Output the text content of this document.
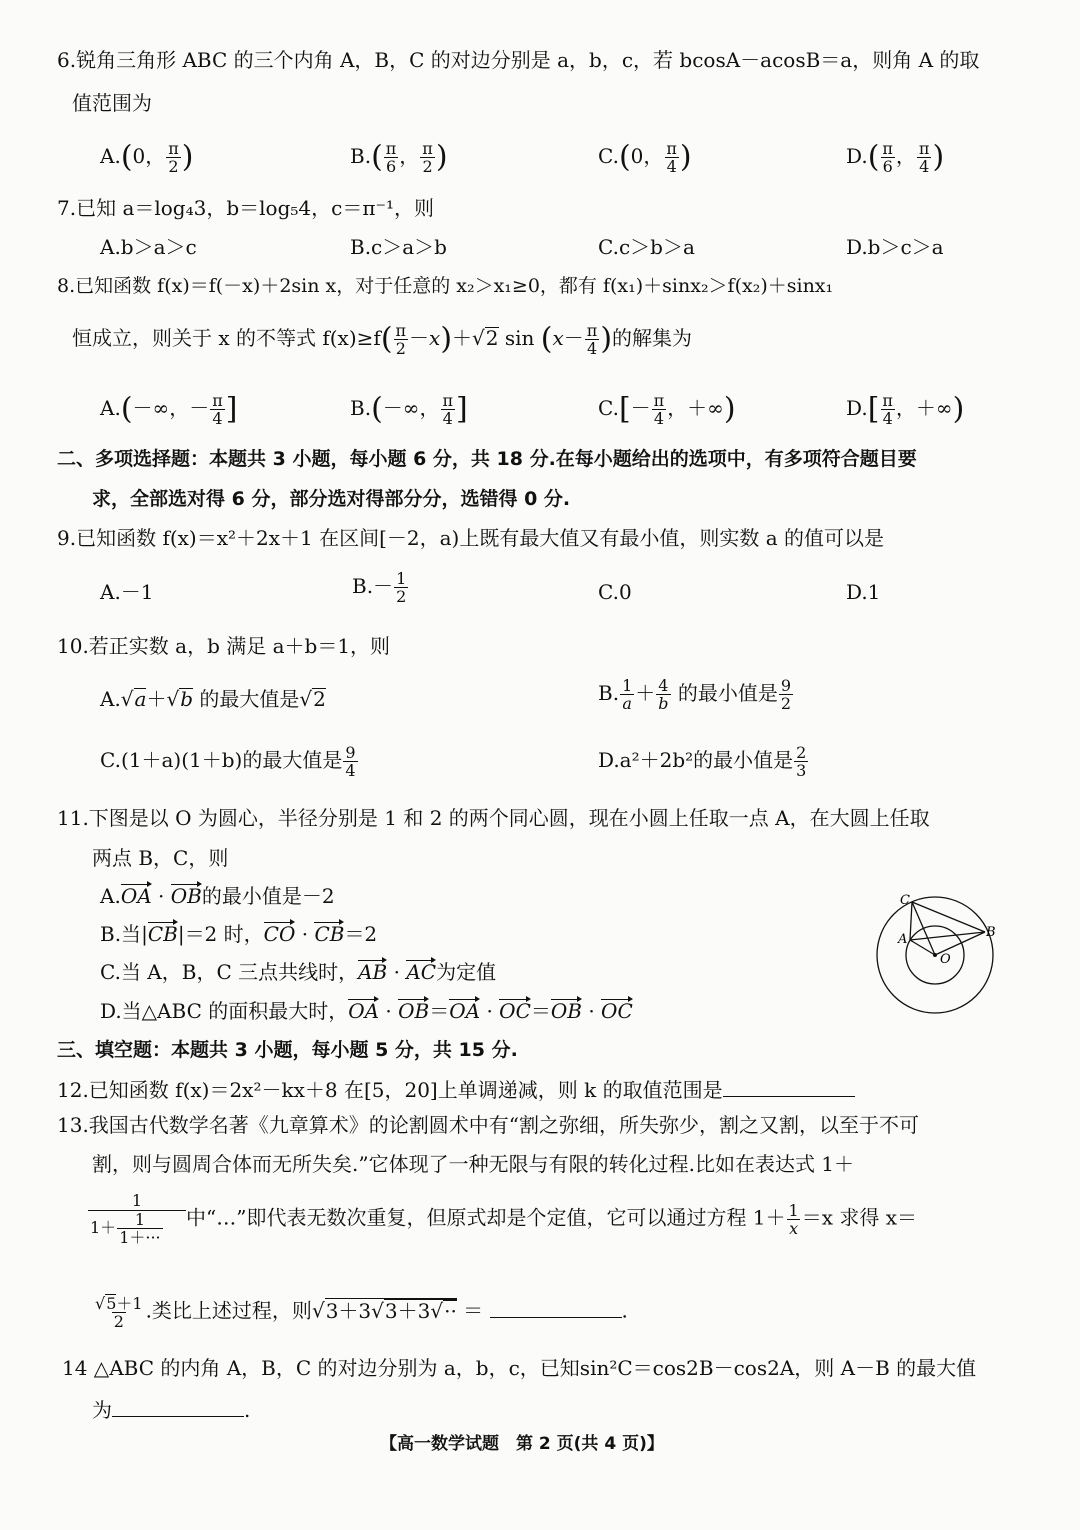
6.锐角三角形 ABC 的三个内角 A，B，C 的对边分别是 a，b，c，若 bcosA－acosB＝a，则角 A 的取
值范围为
A.(0， $\frac{\pi}{2}$ )	$B.( \frac{\pi}{6}$ ， $\frac{\pi}{2}$ )	C.(0， $\frac{\pi}{4}$ )	$D.( \frac{\pi}{6}$ ， $\frac{\pi}{4}$ )
7.已知 a＝log₄3，b＝log₅4，c＝π⁻¹，则
A.b＞a＞c	B.c＞a＞b	C.c＞b＞a	D.b＞c＞a
8.已知函数 f(x)＝f(－x)＋2sin x，对于任意的 x₂＞x₁≥0，都有 f(x₁)＋sinx₂＞f(x₂)＋sinx₁
恒成立，则关于 x 的不等式 $f(x)\ge f( \frac{\pi}{2} -x)+√2$ $\sin (x- \frac{\pi}{4}$ )的解集为
A.(－∞，－ $\frac{\pi}{4}$ ]	B.(－∞， $\frac{\pi}{4}$ ]	$C.[- \frac{\pi}{4}$ ，＋∞)	$D.[ \frac{\pi}{4}$ ，＋∞)
二、多项选择题：本题共 3 小题，每小题 6 分，共 18 分.在每小题给出的选项中，有多项符合题目要
求，全部选对得 6 分，部分选对得部分分，选错得 0 分.
9.已知函数 f(x)＝x²＋2x＋1 在区间[－2，a)上既有最大值又有最小值，则实数 a 的值可以是
A.－1	$B.- \frac{1}{2}$	C.0	D.1
10.若正实数 a，b 满足 a＋b＝1，则
A.√a＋√b 的最大值是√2	B. $\frac{1}{a} + \frac{4}{b}$ 的最小值是 $\frac{9}{2}$
C.(1＋a)(1＋b)的最大值是 $\frac{9}{4}$	D.a²＋2b²的最小值是 $\frac{2}{3}$
11.下图是以 O 为圆心，半径分别是 1 和 2 的两个同心圆，现在小圆上任取一点 A，在大圆上任取
两点 B，C，则
A.OA · OB的最小值是－2
B.当|CB|＝2 时，CO · CB＝2
C.当 A，B，C 三点共线时，AB · AC为定值
D.当△ABC 的面积最大时，OA · OB＝OA · OC＝OB · OC
C
A	B
O
三、填空题：本题共 3 小题，每小题 5 分，共 15 分.
12.已知函数 f(x)＝2x²－kx＋8 在[5，20]上单调递减，则 k 的取值范围是
13.我国古代数学名著《九章算术》的论割圆术中有“割之弥细，所失弥少，割之又割，以至于不可
割，则与圆周合体而无所失矣.”它体现了一种无限与有限的转化过程.比如在表达式 1＋
$\frac{1}{1+ \frac{1}{1+\cdot\cdot\cdot}}$ 中“…”即代表无数次重复，但原式却是个定值，它可以通过方程 $1+ \frac{1}{x} =x$ 求得 x＝
$\frac{√5+1}{2}$ .类比上述过程，则√3＋3√3＋3√·· ＝	.
14 △ABC 的内角 A，B，C 的对边分别为 a，b，c，已知sin²C＝cos2B－cos2A，则 A－B 的最大值
为	.
【高一数学试题　第 2 页(共 4 页)】
